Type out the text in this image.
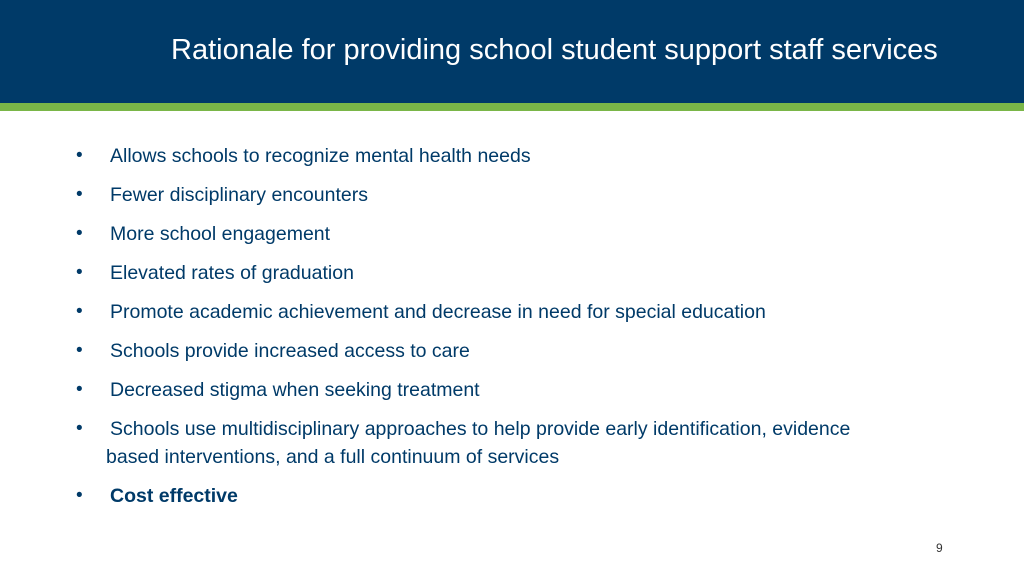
Rationale for providing school student support staff services
•	Allows schools to recognize mental health needs
•	Fewer disciplinary encounters
•	More school engagement
•	Elevated rates of graduation
•	Promote academic achievement and decrease in need for special education
•	Schools provide increased access to care
•	Decreased stigma when seeking treatment
•	Schools use multidisciplinary approaches to help provide early identification, evidence
based interventions, and a full continuum of services
•	Cost effective
9
